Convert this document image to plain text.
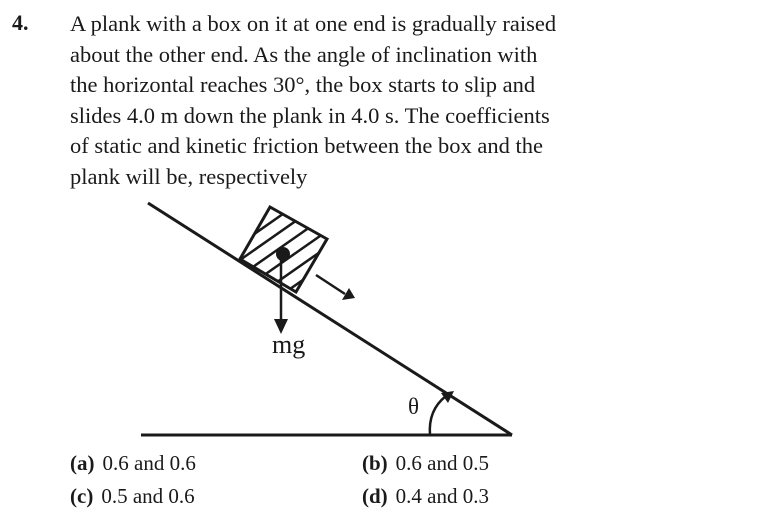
4. A plank with a box on it at one end is gradually raised
about the other end. As the angle of inclination with
the horizontal reaches 30°, the box starts to slip and
slides 4.0 m down the plank in 4.0 s. The coefficients
of static and kinetic friction between the box and the
plank will be, respectively

mg
θ
(a) 0.6 and 0.6	(b) 0.6 and 0.5
(c) 0.5 and 0.6	(d) 0.4 and 0.3
